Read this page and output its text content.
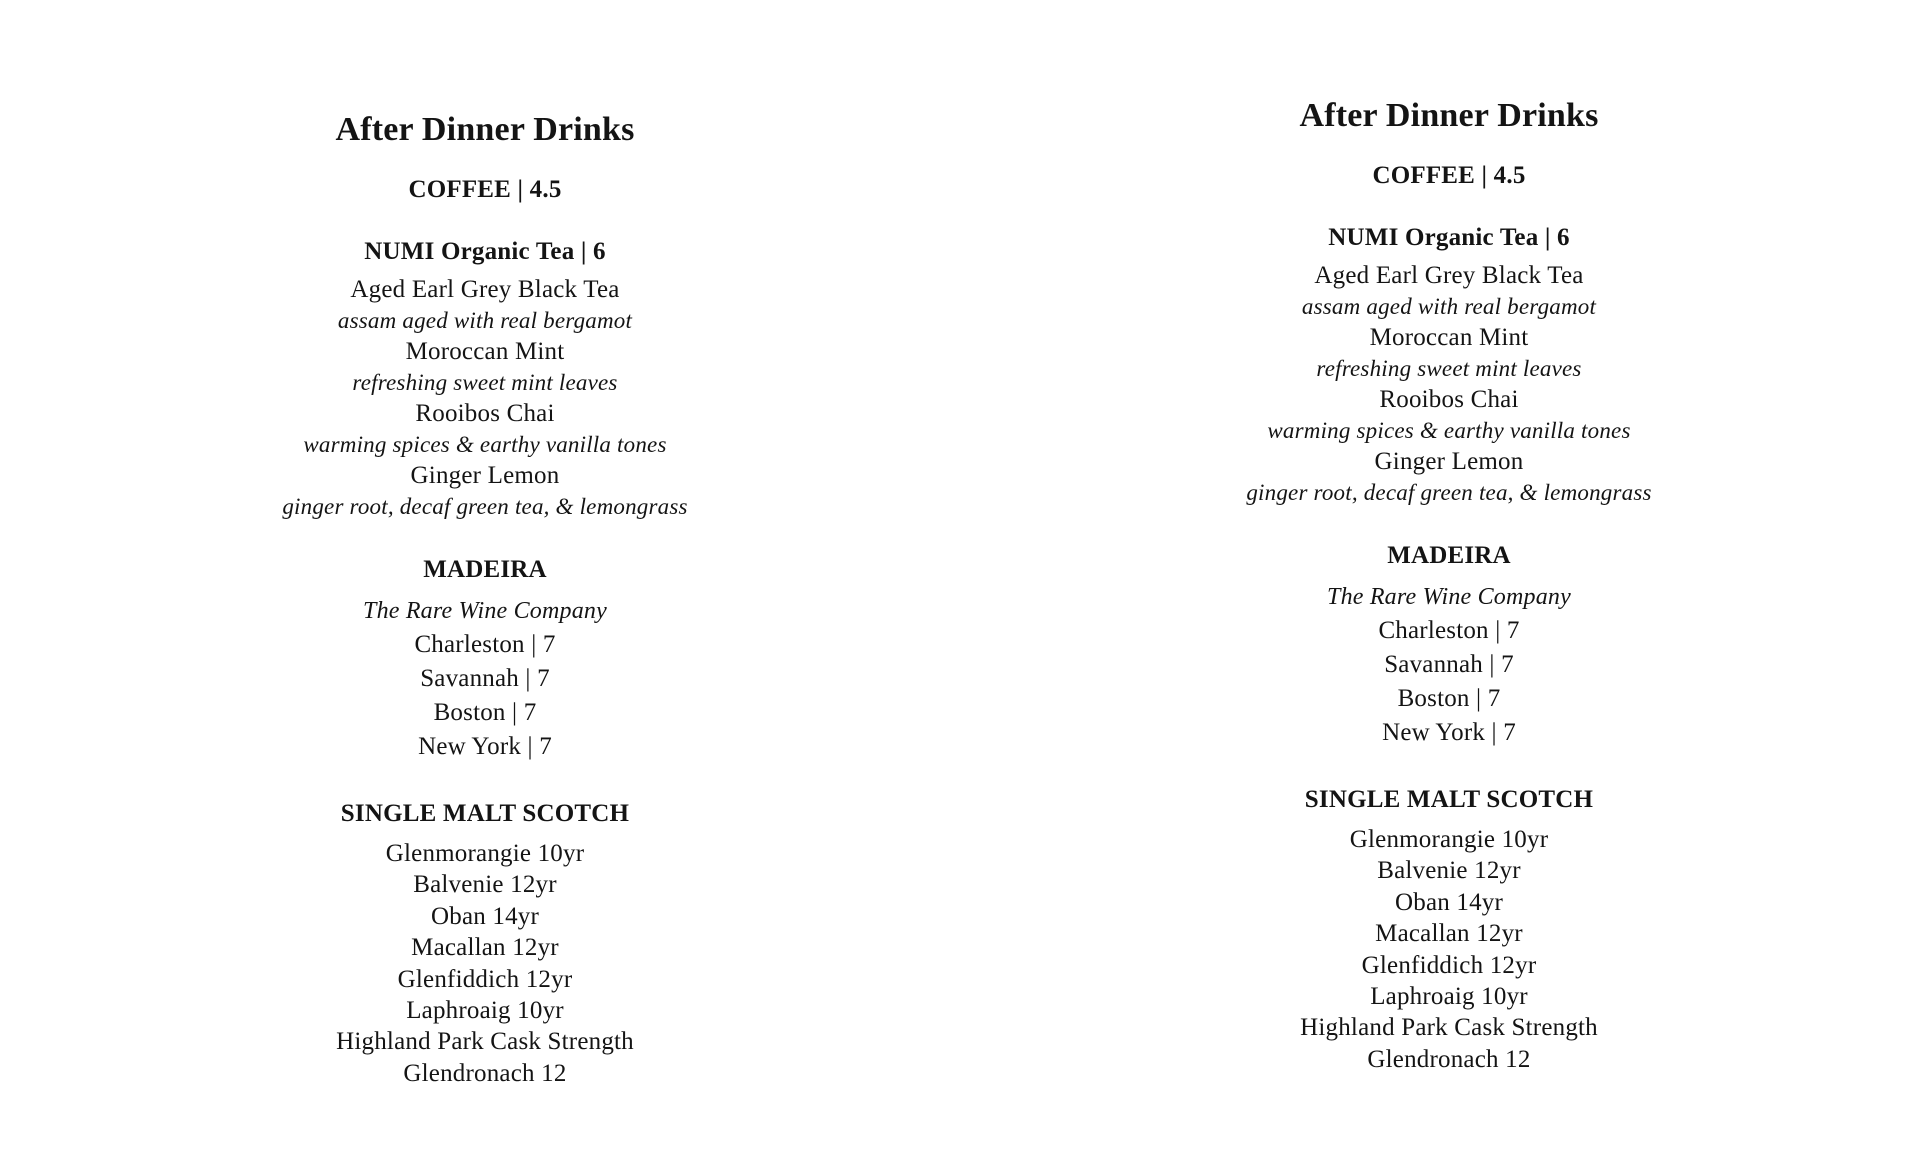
After Dinner Drinks
COFFEE | 4.5
NUMI Organic Tea | 6
Aged Earl Grey Black Tea
assam aged with real bergamot
Moroccan Mint
refreshing sweet mint leaves
Rooibos Chai
warming spices & earthy vanilla tones
Ginger Lemon
ginger root, decaf green tea, & lemongrass
MADEIRA
The Rare Wine Company
Charleston | 7
Savannah | 7
Boston | 7
New York | 7
SINGLE MALT SCOTCH
Glenmorangie 10yr
Balvenie 12yr
Oban 14yr
Macallan 12yr
Glenfiddich 12yr
Laphroaig 10yr
Highland Park Cask Strength
Glendronach 12
After Dinner Drinks
COFFEE | 4.5
NUMI Organic Tea | 6
Aged Earl Grey Black Tea
assam aged with real bergamot
Moroccan Mint
refreshing sweet mint leaves
Rooibos Chai
warming spices & earthy vanilla tones
Ginger Lemon
ginger root, decaf green tea, & lemongrass
MADEIRA
The Rare Wine Company
Charleston | 7
Savannah | 7
Boston | 7
New York | 7
SINGLE MALT SCOTCH
Glenmorangie 10yr
Balvenie 12yr
Oban 14yr
Macallan 12yr
Glenfiddich 12yr
Laphroaig 10yr
Highland Park Cask Strength
Glendronach 12
